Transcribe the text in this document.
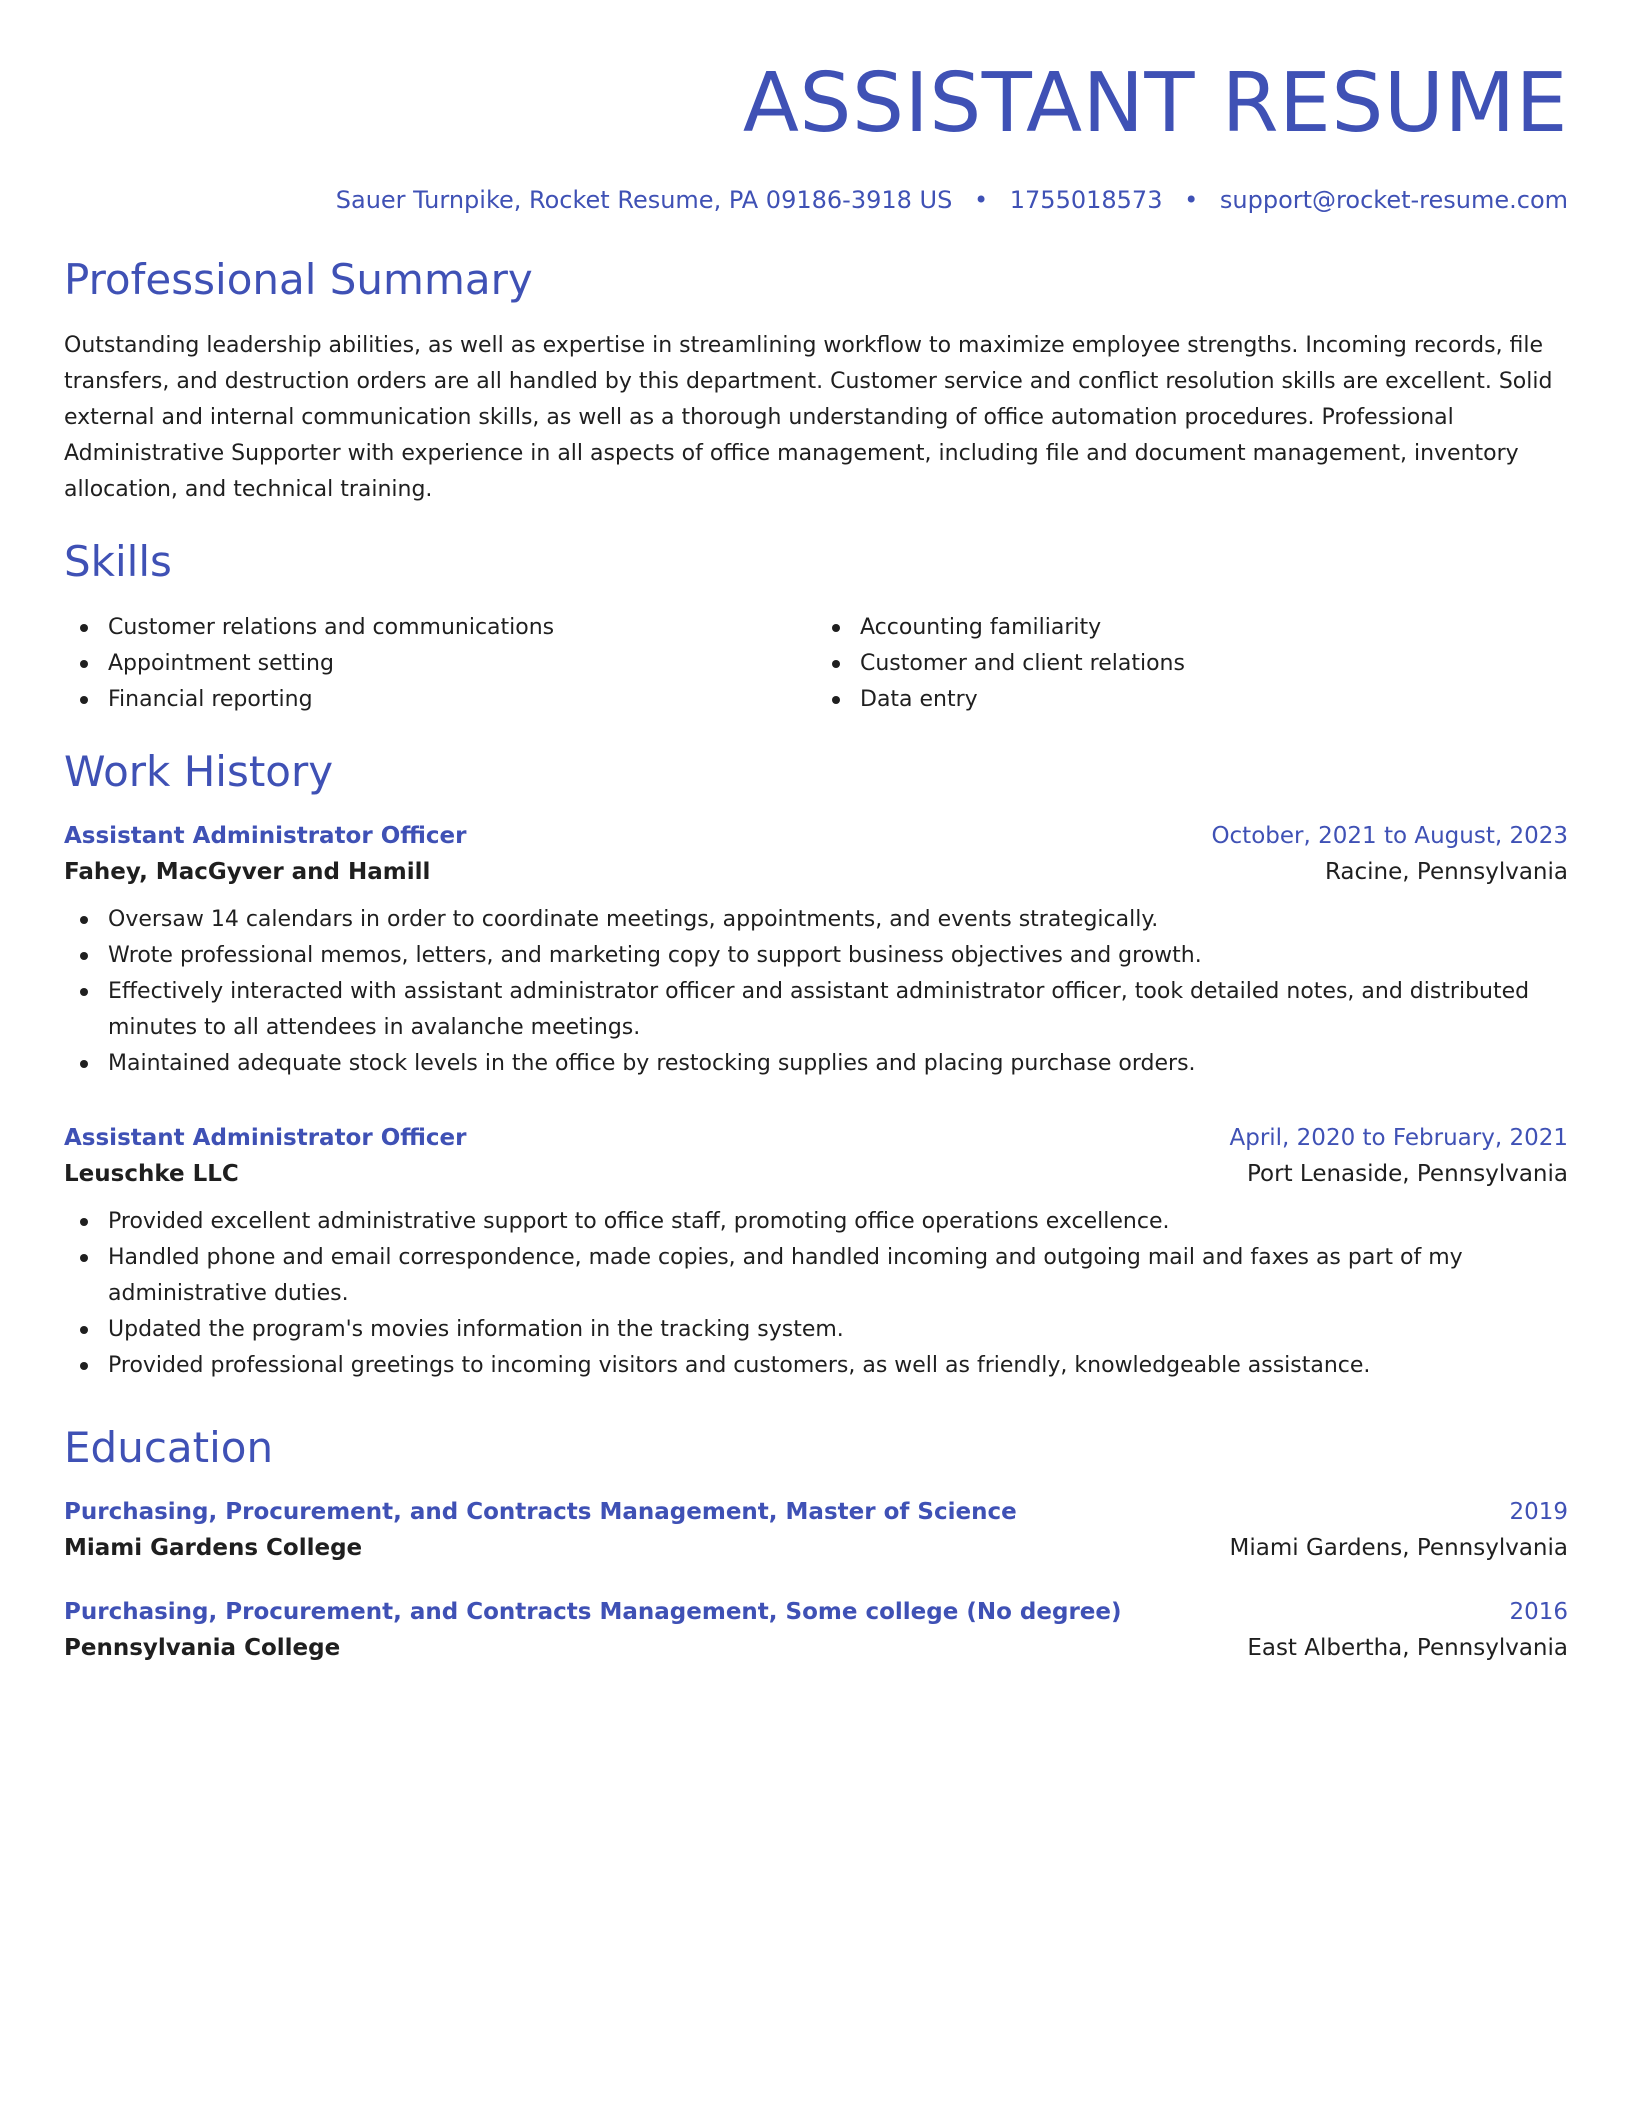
ASSISTANT RESUME
Sauer Turnpike, Rocket Resume, PA 09186-3918 US • 1755018573 • support@rocket-resume.com
Professional Summary
Outstanding leadership abilities, as well as expertise in streamlining workflow to maximize employee strengths. Incoming records, file transfers, and destruction orders are all handled by this department. Customer service and conflict resolution skills are excellent. Solid external and internal communication skills, as well as a thorough understanding of office automation procedures. Professional Administrative Supporter with experience in all aspects of office management, including file and document management, inventory allocation, and technical training.
Skills
Customer relations and communications
Appointment setting
Financial reporting
Accounting familiarity
Customer and client relations
Data entry
Work History
Assistant Administrator Officer	October, 2021 to August, 2023
Fahey, MacGyver and Hamill	Racine, Pennsylvania
Oversaw 14 calendars in order to coordinate meetings, appointments, and events strategically.
Wrote professional memos, letters, and marketing copy to support business objectives and growth.
Effectively interacted with assistant administrator officer and assistant administrator officer, took detailed notes, and distributed minutes to all attendees in avalanche meetings.
Maintained adequate stock levels in the office by restocking supplies and placing purchase orders.
Assistant Administrator Officer	April, 2020 to February, 2021
Leuschke LLC	Port Lenaside, Pennsylvania
Provided excellent administrative support to office staff, promoting office operations excellence.
Handled phone and email correspondence, made copies, and handled incoming and outgoing mail and faxes as part of my administrative duties.
Updated the program's movies information in the tracking system.
Provided professional greetings to incoming visitors and customers, as well as friendly, knowledgeable assistance.
Education
Purchasing, Procurement, and Contracts Management, Master of Science	2019
Miami Gardens College	Miami Gardens, Pennsylvania
Purchasing, Procurement, and Contracts Management, Some college (No degree)	2016
Pennsylvania College	East Albertha, Pennsylvania
